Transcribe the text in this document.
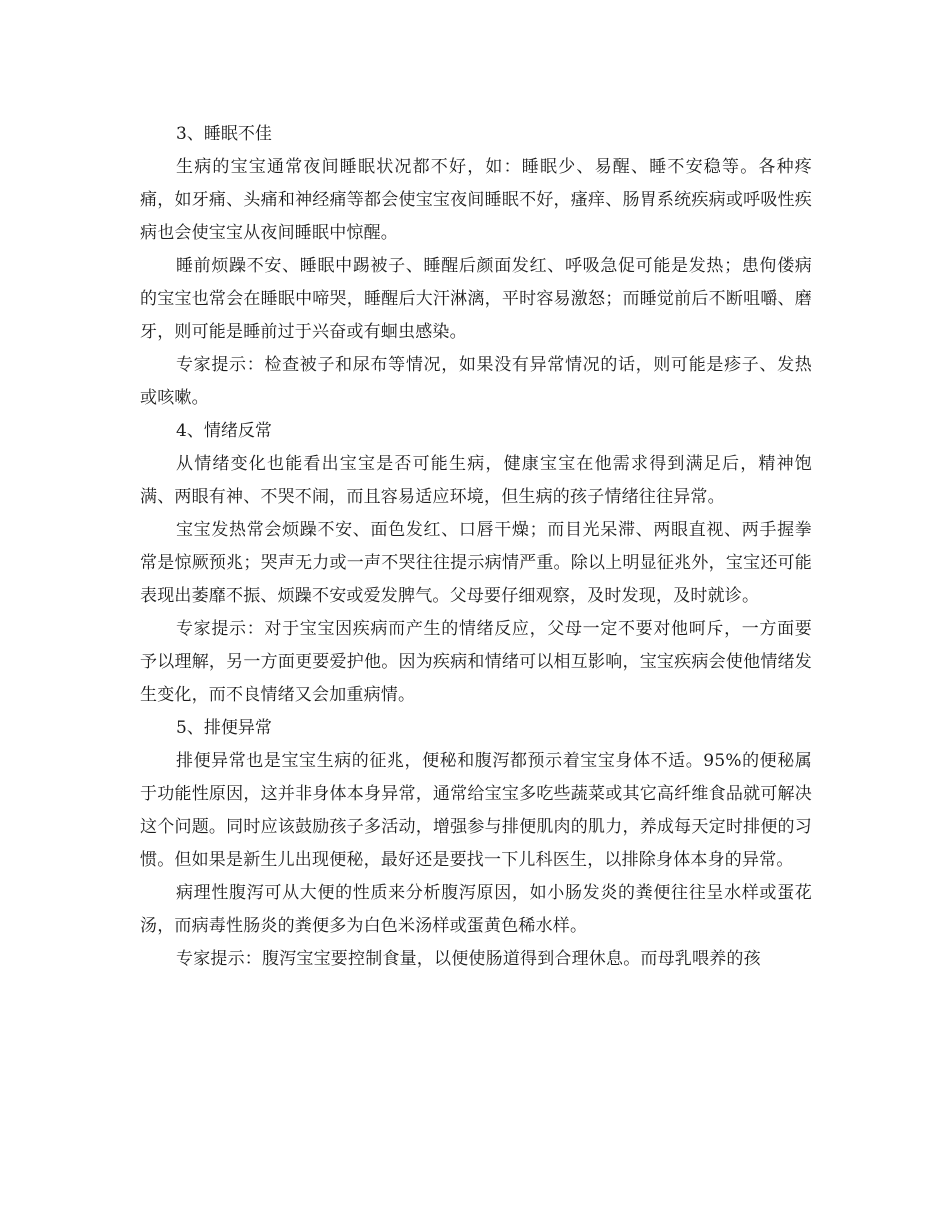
3、睡眠不佳

生病的宝宝通常夜间睡眠状况都不好，如：睡眠少、易醒、睡不安稳等。各种疼痛，如牙痛、头痛和神经痛等都会使宝宝夜间睡眠不好，瘙痒、肠胃系统疾病或呼吸性疾病也会使宝宝从夜间睡眠中惊醒。

睡前烦躁不安、睡眠中踢被子、睡醒后颜面发红、呼吸急促可能是发热；患佝偻病的宝宝也常会在睡眠中啼哭，睡醒后大汗淋漓，平时容易激怒；而睡觉前后不断咀嚼、磨牙，则可能是睡前过于兴奋或有蛔虫感染。

专家提示：检查被子和尿布等情况，如果没有异常情况的话，则可能是疹子、发热或咳嗽。

4、情绪反常

从情绪变化也能看出宝宝是否可能生病，健康宝宝在他需求得到满足后，精神饱满、两眼有神、不哭不闹，而且容易适应环境，但生病的孩子情绪往往异常。

宝宝发热常会烦躁不安、面色发红、口唇干燥；而目光呆滞、两眼直视、两手握拳常是惊厥预兆；哭声无力或一声不哭往往提示病情严重。除以上明显征兆外，宝宝还可能表现出萎靡不振、烦躁不安或爱发脾气。父母要仔细观察，及时发现，及时就诊。

专家提示：对于宝宝因疾病而产生的情绪反应，父母一定不要对他呵斥，一方面要予以理解，另一方面更要爱护他。因为疾病和情绪可以相互影响，宝宝疾病会使他情绪发生变化，而不良情绪又会加重病情。

5、排便异常

排便异常也是宝宝生病的征兆，便秘和腹泻都预示着宝宝身体不适。95%的便秘属于功能性原因，这并非身体本身异常，通常给宝宝多吃些蔬菜或其它高纤维食品就可解决这个问题。同时应该鼓励孩子多活动，增强参与排便肌肉的肌力，养成每天定时排便的习惯。但如果是新生儿出现便秘，最好还是要找一下儿科医生，以排除身体本身的异常。

病理性腹泻可从大便的性质来分析腹泻原因，如小肠发炎的粪便往往呈水样或蛋花汤，而病毒性肠炎的粪便多为白色米汤样或蛋黄色稀水样。

专家提示：腹泻宝宝要控制食量，以便使肠道得到合理休息。而母乳喂养的孩
